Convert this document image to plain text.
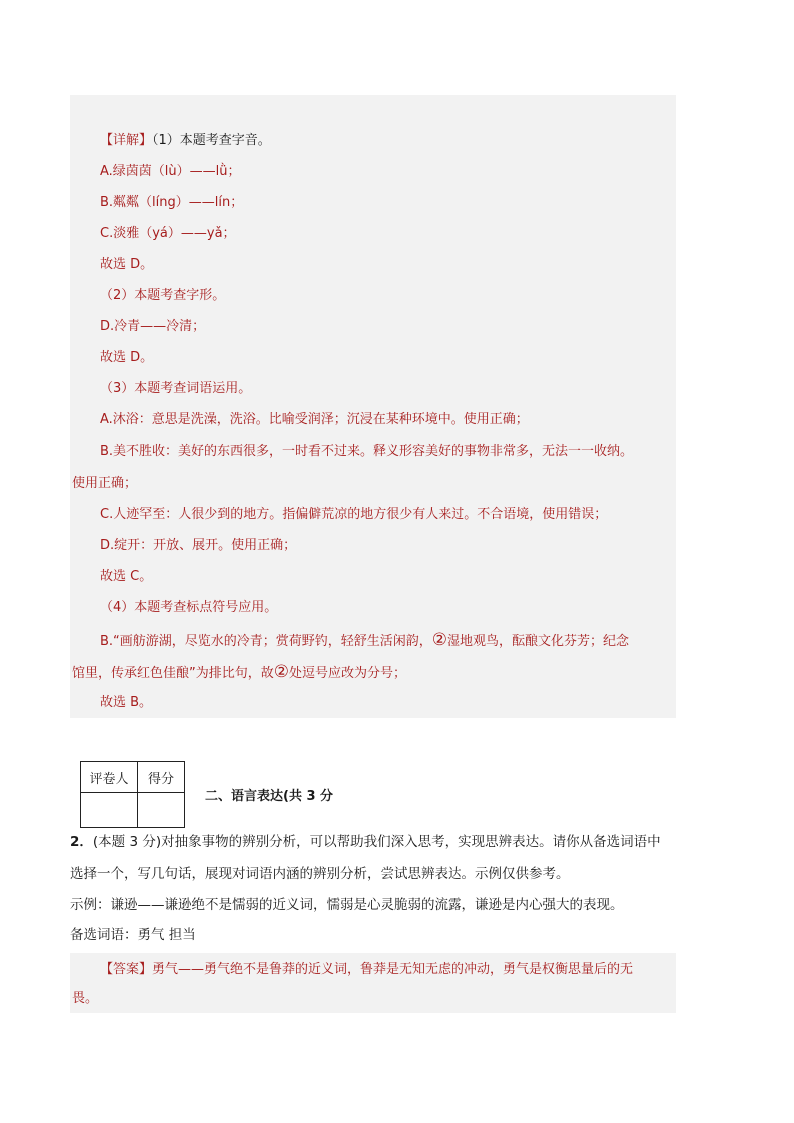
【详解】（1）本题考查字音。
A.绿茵茵（lù）——lǜ；
B.粼粼（líng）——lín；
C.淡雅（yá）——yǎ；
故选 D。
（2）本题考查字形。
D.冷青——冷清；
故选 D。
（3）本题考查词语运用。
A.沐浴：意思是洗澡，洗浴。比喻受润泽；沉浸在某种环境中。使用正确；
B.美不胜收：美好的东西很多，一时看不过来。释义形容美好的事物非常多，无法一一收纳。
使用正确；
C.人迹罕至：人很少到的地方。指偏僻荒凉的地方很少有人来过。不合语境，使用错误；
D.绽开：开放、展开。使用正确；
故选 C。
（4）本题考查标点符号应用。
B.“画舫游湖，尽览水的冷青；赏荷野钓，轻舒生活闲韵，②湿地观鸟，酝酿文化芬芳；纪念
馆里，传承红色佳酿”为排比句，故②处逗号应改为分号；
故选 B。
评卷人	得分

二、语言表达(共 3 分
2．(本题 3 分)对抽象事物的辨别分析，可以帮助我们深入思考，实现思辨表达。请你从备选词语中
选择一个，写几句话，展现对词语内涵的辨别分析，尝试思辨表达。示例仅供参考。
示例：谦逊——谦逊绝不是懦弱的近义词，懦弱是心灵脆弱的流露，谦逊是内心强大的表现。
备选词语：勇气 担当
【答案】勇气——勇气绝不是鲁莽的近义词，鲁莽是无知无虑的冲动，勇气是权衡思量后的无
畏。
